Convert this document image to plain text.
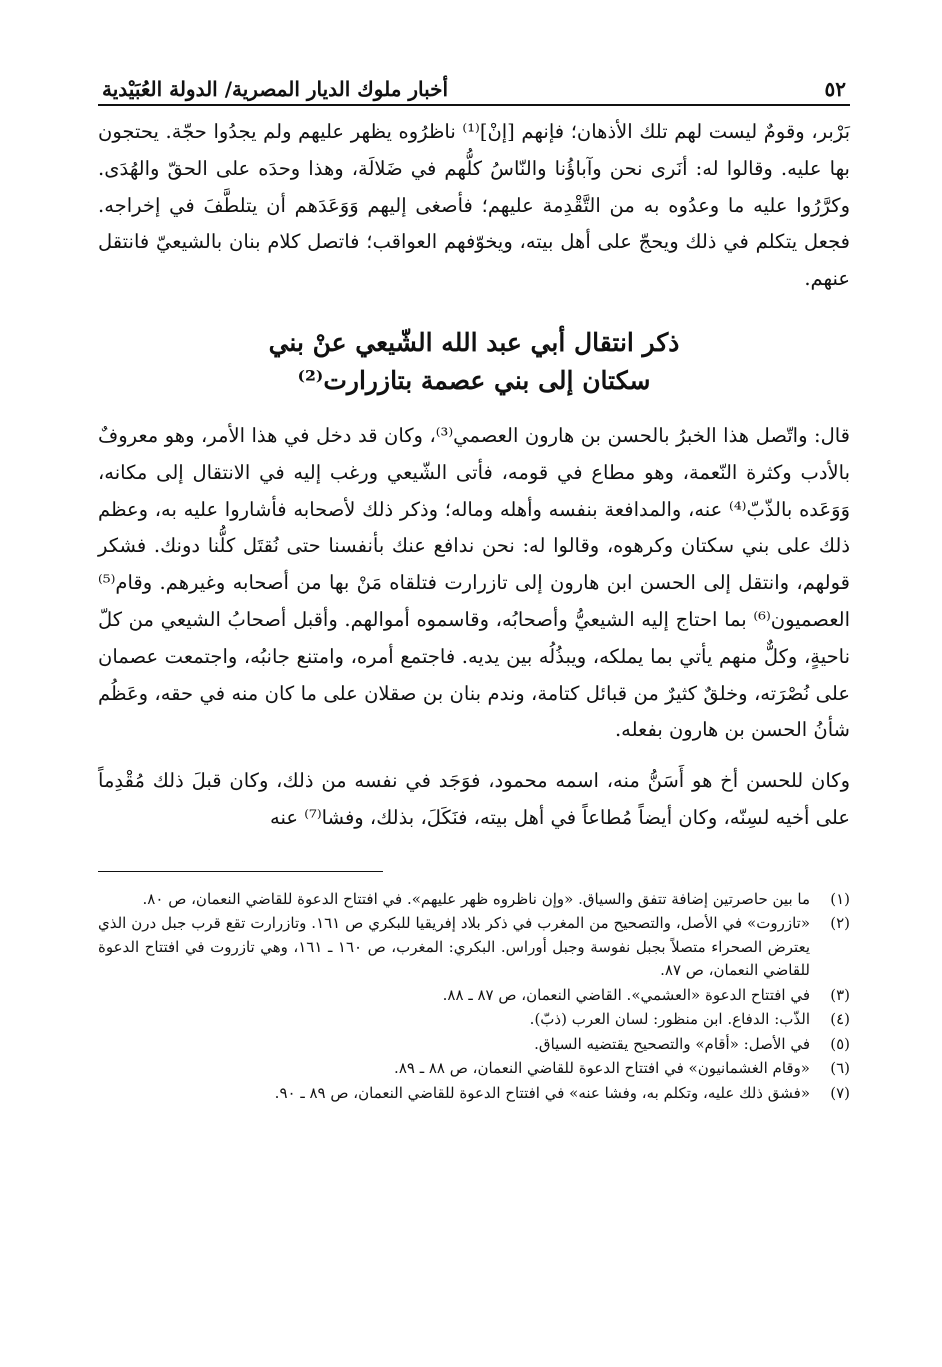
٥٢
أخبار ملوك الديار المصرية/ الدولة العُبَيْدية

بَرْبر، وقومٌ ليست لهم تلك الأذهان؛ فإنهم [إنْ]⁽¹⁾ ناظرُوه يظهر عليهم ولم يجدُوا حجّة. يحتجون بها عليه. وقالوا له: أنَرى نحن وآباؤُنا والنّاسُ كلُّهم في ضَلالَة، وهذا وحدَه على الحقّ والهُدَى. وكرَّرُوا عليه ما وعدُوه به من التَّقْدِمة عليهم؛ فأصغى إليهم وَوَعَدَهم أن يتلطَّفَ في إخراجه. فجعل يتكلم في ذلك ويحجّ على أهل بيته، ويخوّفهم العواقب؛ فاتصل كلام بنان بالشيعيّ فانتقل عنهم.

ذكر انتقال أبي عبد الله الشّيعي عنْ بني
سكتان إلى بني عصمة بتازرارت⁽²⁾

قال: واتّصل هذا الخبرُ بالحسن بن هارون العصمي⁽³⁾، وكان قد دخل في هذا الأمر، وهو معروفٌ بالأدب وكثرة النّعمة، وهو مطاع في قومه، فأتى الشّيعي ورغب إليه في الانتقال إلى مكانه، وَوَعَده بالذّبّ⁽⁴⁾ عنه، والمدافعة بنفسه وأهله وماله؛ وذكر ذلك لأصحابه فأشاروا عليه به، وعظم ذلك على بني سكتان وكرهوه، وقالوا له: نحن ندافع عنك بأنفسنا حتى نُقتَل كلُّنا دونك. فشكر قولهم، وانتقل إلى الحسن ابن هارون إلى تازرارت فتلقاه مَنْ بها من أصحابه وغيرهم. وقام⁽⁵⁾ العصميون⁽⁶⁾ بما احتاج إليه الشيعيُّ وأصحابُه، وقاسموه أموالهم. وأقبل أصحابُ الشيعي من كلّ ناحيةٍ، وكلٌّ منهم يأتي بما يملكه، ويبذُلُه بين يديه. فاجتمع أمره، وامتنع جانبُه، واجتمعت عصمان على نُصْرَته، وخلقٌ كثيرٌ من قبائل كتامة، وندم بنان بن صقلان على ما كان منه في حقه، وعَظُم شأنُ الحسن بن هارون بفعله.

وكان للحسن أخ هو أَسَنُّ منه، اسمه محمود، فوَجَد في نفسه من ذلك، وكان قبلَ ذلك مُقْدِماً على أخيه لسِنّه، وكان أيضاً مُطاعاً في أهل بيته، فنَكَلَ، بذلك، وفشا⁽⁷⁾ عنه

(١)
ما بين حاصرتين إضافة تتفق والسياق. «وإن ناظروه ظهر عليهم». في افتتاح الدعوة للقاضي النعمان، ص ٨٠.
(٢)
«تازروت» في الأصل، والتصحيح من المغرب في ذكر بلاد إفريقيا للبكري ص ١٦١. وتازرارت تقع قرب جبل درن الذي يعترض الصحراء متصلاً بجبل نفوسة وجبل أوراس. البكري: المغرب، ص ١٦٠ ـ ١٦١، وهي تازروت في افتتاح الدعوة للقاضي النعمان، ص ٨٧.
(٣)
في افتتاح الدعوة «العشمي». القاضي النعمان، ص ٨٧ ـ ٨٨.
(٤)
الذّب: الدفاع. ابن منظور: لسان العرب (ذبّ).
(٥)
في الأصل: «أقام» والتصحيح يقتضيه السياق.
(٦)
«وقام الغشمانيون» في افتتاح الدعوة للقاضي النعمان، ص ٨٨ ـ ٨٩.
(٧)
«فشق ذلك عليه، وتكلم به، وفشا عنه» في افتتاح الدعوة للقاضي النعمان، ص ٨٩ ـ ٩٠.
